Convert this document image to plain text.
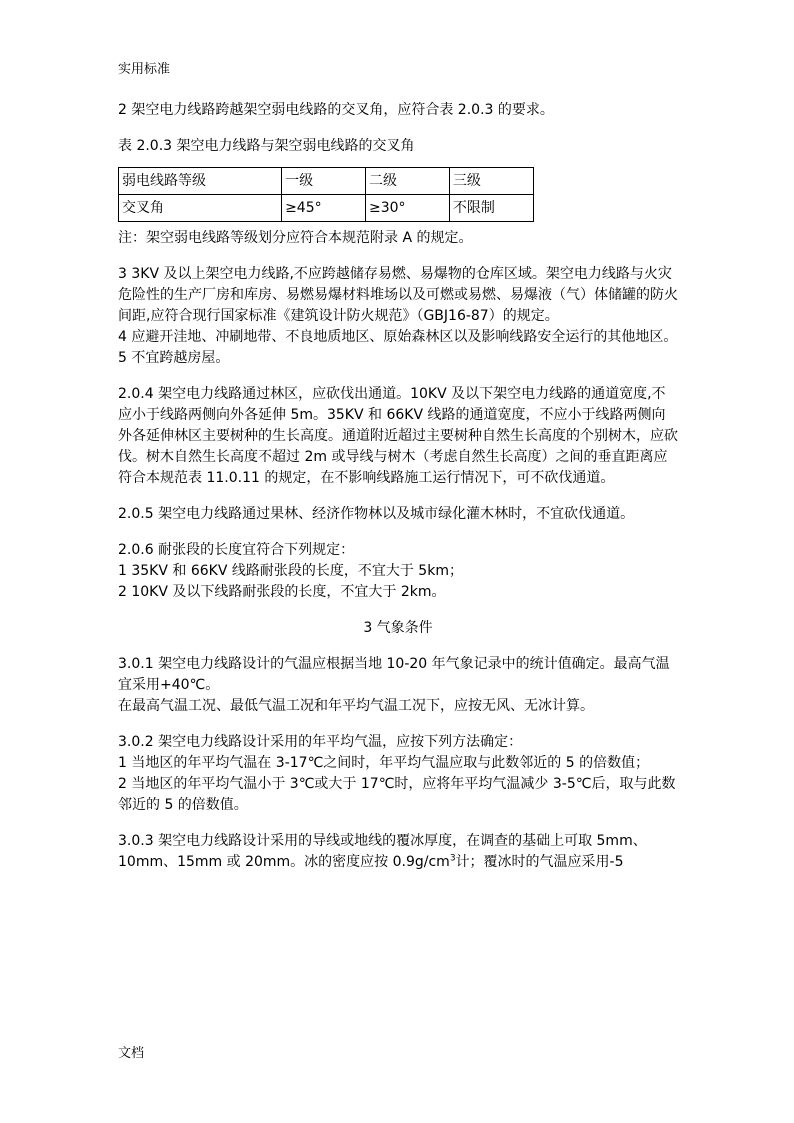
实用标准

2 架空电力线路跨越架空弱电线路的交叉角，应符合表 2.0.3 的要求。

表 2.0.3 架空电力线路与架空弱电线路的交叉角

弱电线路等级	一级	二级	三级
交叉角	≥45°	≥30°	不限制

注：架空弱电线路等级划分应符合本规范附录 A 的规定。

3 3KV 及以上架空电力线路,不应跨越储存易燃、易爆物的仓库区域。架空电力线路与火灾危险性的生产厂房和库房、易燃易爆材料堆场以及可燃或易燃、易爆液（气）体储罐的防火间距,应符合现行国家标准《建筑设计防火规范》（GBJ16-87）的规定。

4 应避开洼地、冲刷地带、不良地质地区、原始森林区以及影响线路安全运行的其他地区。

5 不宜跨越房屋。

2.0.4 架空电力线路通过林区，应砍伐出通道。10KV 及以下架空电力线路的通道宽度,不应小于线路两侧向外各延伸 5m。35KV 和 66KV 线路的通道宽度，不应小于线路两侧向外各延伸林区主要树种的生长高度。通道附近超过主要树种自然生长高度的个别树木，应砍伐。树木自然生长高度不超过 2m 或导线与树木（考虑自然生长高度）之间的垂直距离应符合本规范表 11.0.11 的规定，在不影响线路施工运行情况下，可不砍伐通道。

2.0.5 架空电力线路通过果林、经济作物林以及城市绿化灌木林时，不宜砍伐通道。

2.0.6 耐张段的长度宜符合下列规定：

1 35KV 和 66KV 线路耐张段的长度，不宜大于 5km；

2 10KV 及以下线路耐张段的长度，不宜大于 2km。

3 气象条件

3.0.1 架空电力线路设计的气温应根据当地 10-20 年气象记录中的统计值确定。最高气温宜采用+40℃。

在最高气温工况、最低气温工况和年平均气温工况下，应按无风、无冰计算。

3.0.2 架空电力线路设计采用的年平均气温，应按下列方法确定：

1 当地区的年平均气温在 3-17℃之间时，年平均气温应取与此数邻近的 5 的倍数值；

2 当地区的年平均气温小于 3℃或大于 17℃时，应将年平均气温减少 3-5℃后，取与此数邻近的 5 的倍数值。

3.0.3 架空电力线路设计采用的导线或地线的覆冰厚度，在调查的基础上可取 5mm、10mm、15mm 或 20mm。冰的密度应按 $0.9g/cm^3$计；覆冰时的气温应采用-5

文档
